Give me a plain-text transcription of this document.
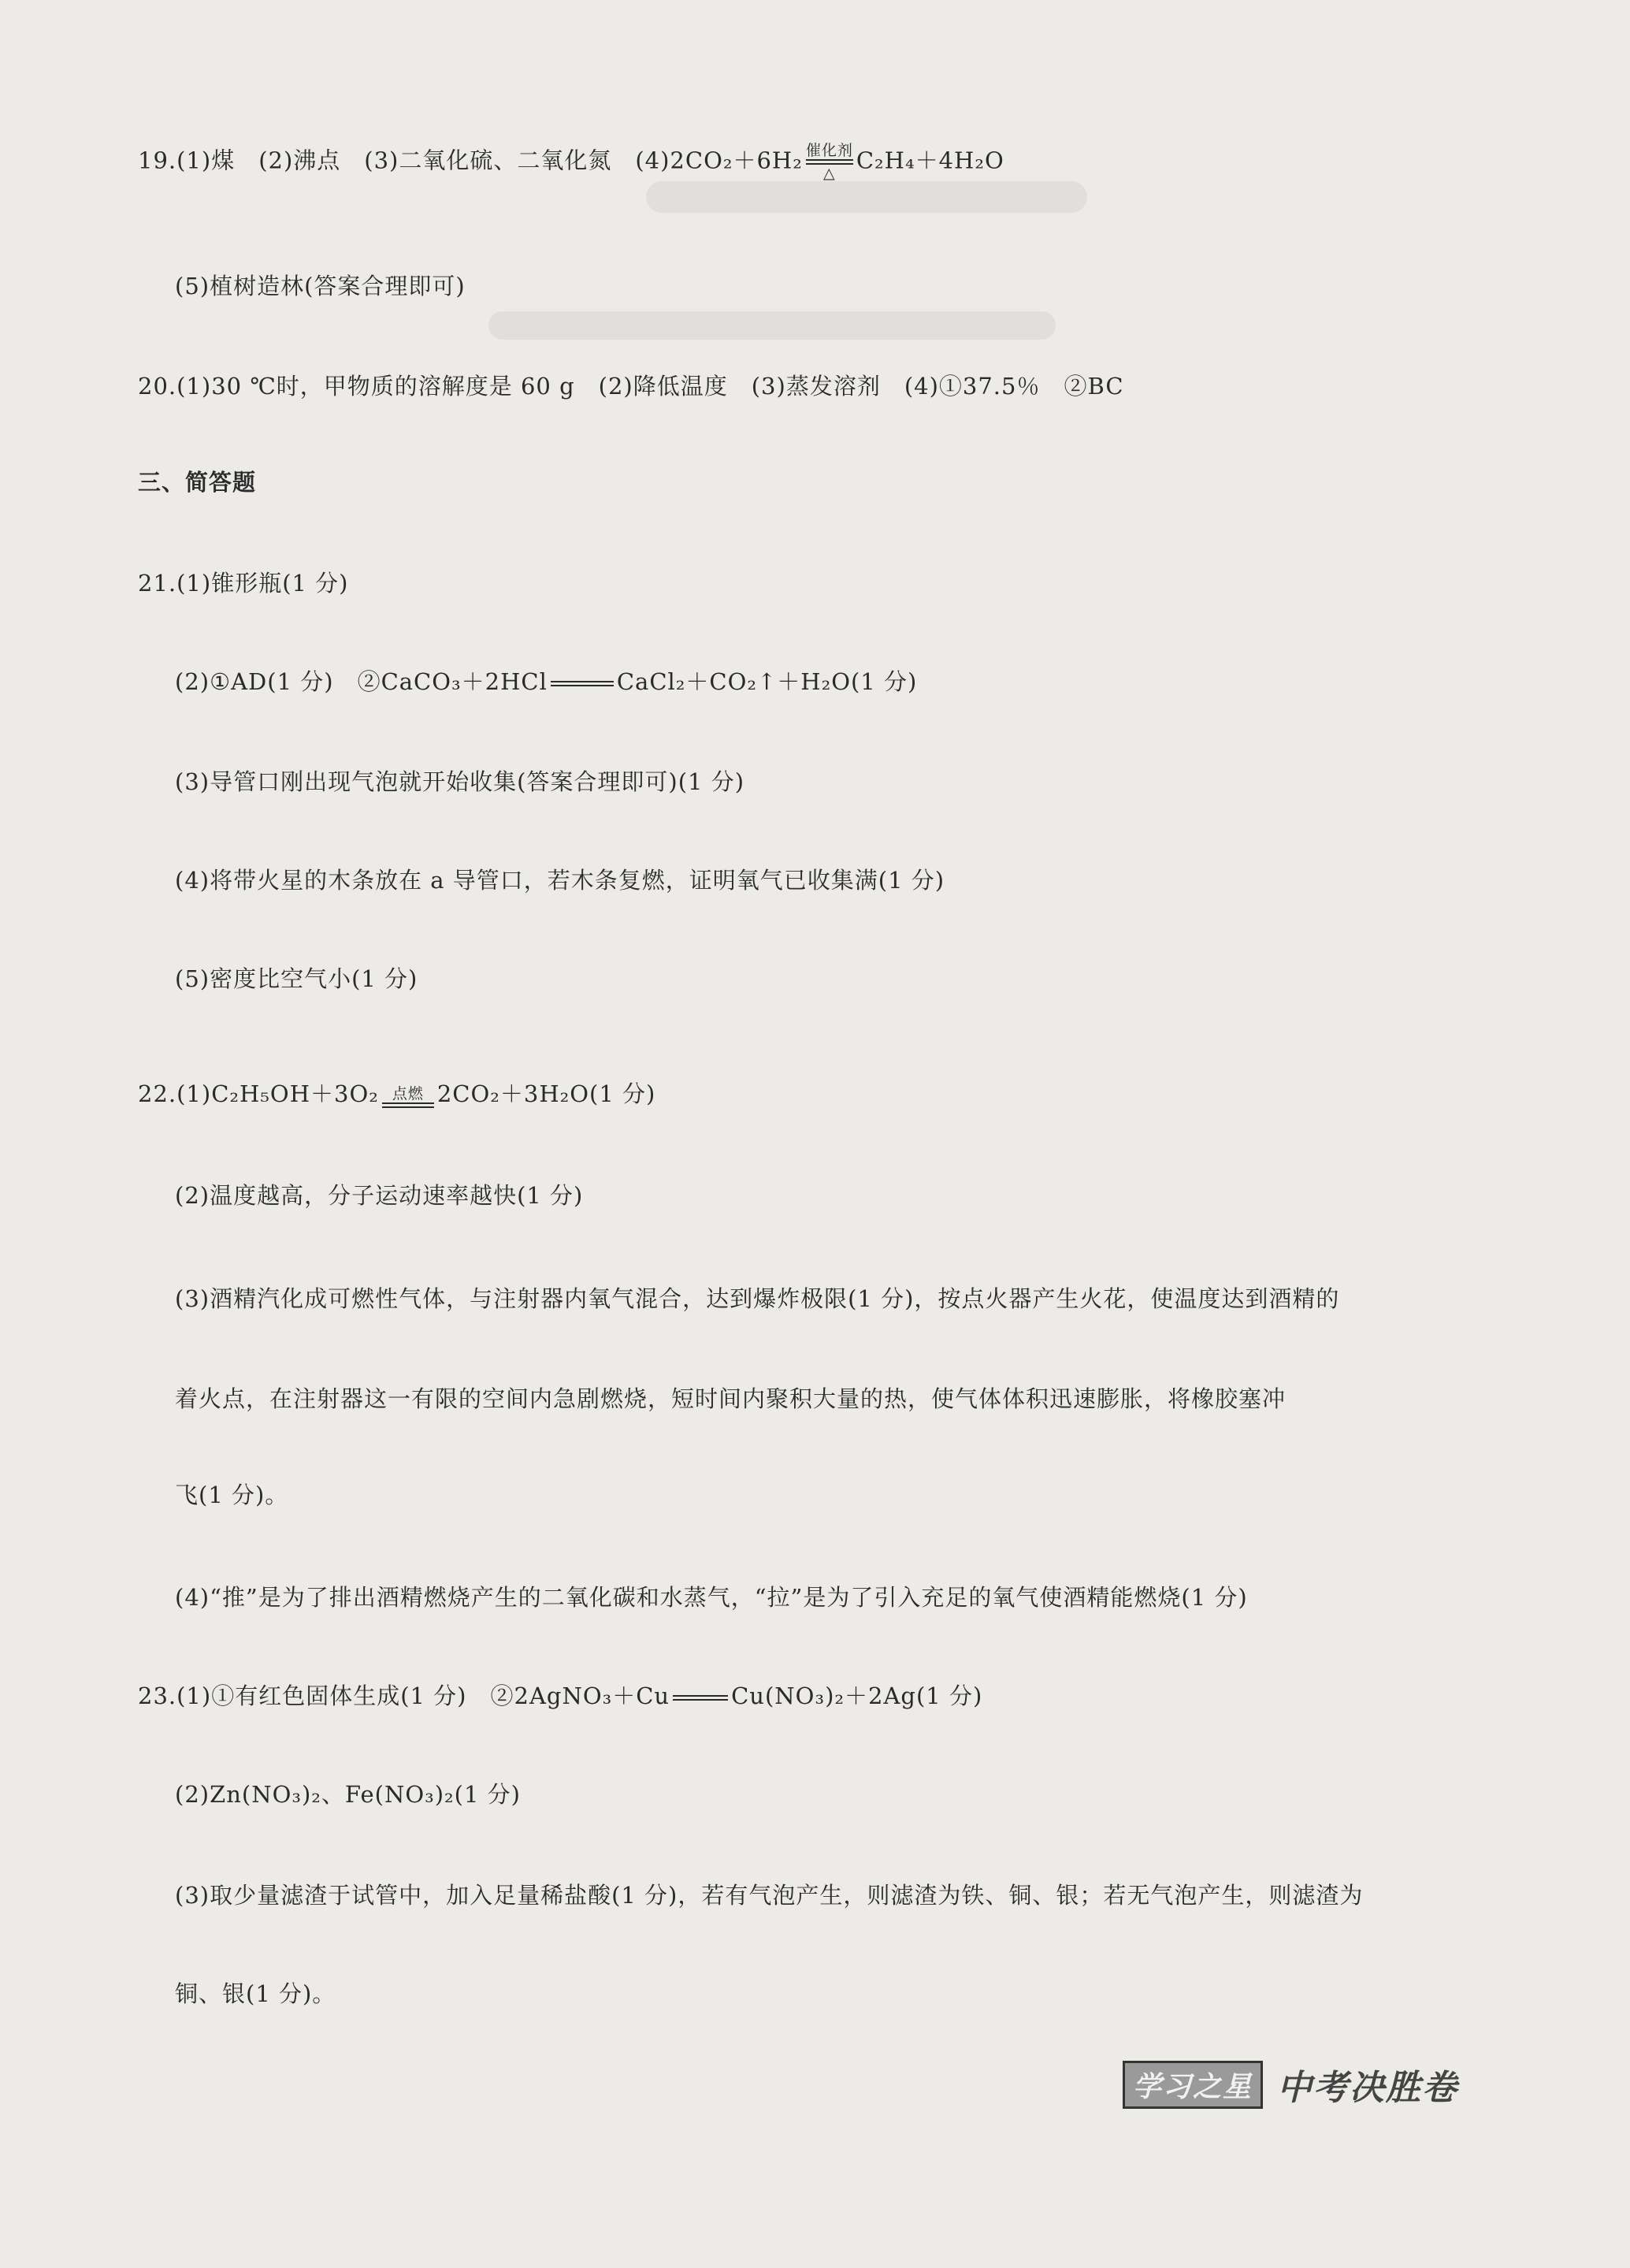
19.(1)煤　(2)沸点　(3)二氧化硫、二氧化氮　(4)2CO₂＋6H₂ 催化剂
△ C₂H₄＋4H₂O
(5)植树造林(答案合理即可)
20.(1)30 ℃时，甲物质的溶解度是 60 g　(2)降低温度　(3)蒸发溶剂　(4)①37.5％　②BC
三、简答题
21.(1)锥形瓶(1 分)
(2)①AD(1 分)　②CaCO₃＋2HCl	CaCl₂＋CO₂↑＋H₂O(1 分)
(3)导管口刚出现气泡就开始收集(答案合理即可)(1 分)
(4)将带火星的木条放在 a 导管口，若木条复燃，证明氧气已收集满(1 分)
(5)密度比空气小(1 分)
22.(1)C₂H₅OH＋3O₂ 点燃 2CO₂＋3H₂O(1 分)
(2)温度越高，分子运动速率越快(1 分)
(3)酒精汽化成可燃性气体，与注射器内氧气混合，达到爆炸极限(1 分)，按点火器产生火花，使温度达到酒精的
着火点，在注射器这一有限的空间内急剧燃烧，短时间内聚积大量的热，使气体体积迅速膨胀，将橡胶塞冲
飞(1 分)。
(4)“推”是为了排出酒精燃烧产生的二氧化碳和水蒸气，“拉”是为了引入充足的氧气使酒精能燃烧(1 分)
23.(1)①有红色固体生成(1 分)　②2AgNO₃＋Cu	Cu(NO₃)₂＋2Ag(1 分)
(2)Zn(NO₃)₂、Fe(NO₃)₂(1 分)
(3)取少量滤渣于试管中，加入足量稀盐酸(1 分)，若有气泡产生，则滤渣为铁、铜、银；若无气泡产生，则滤渣为
铜、银(1 分)。
学习之星 中考决胜卷
